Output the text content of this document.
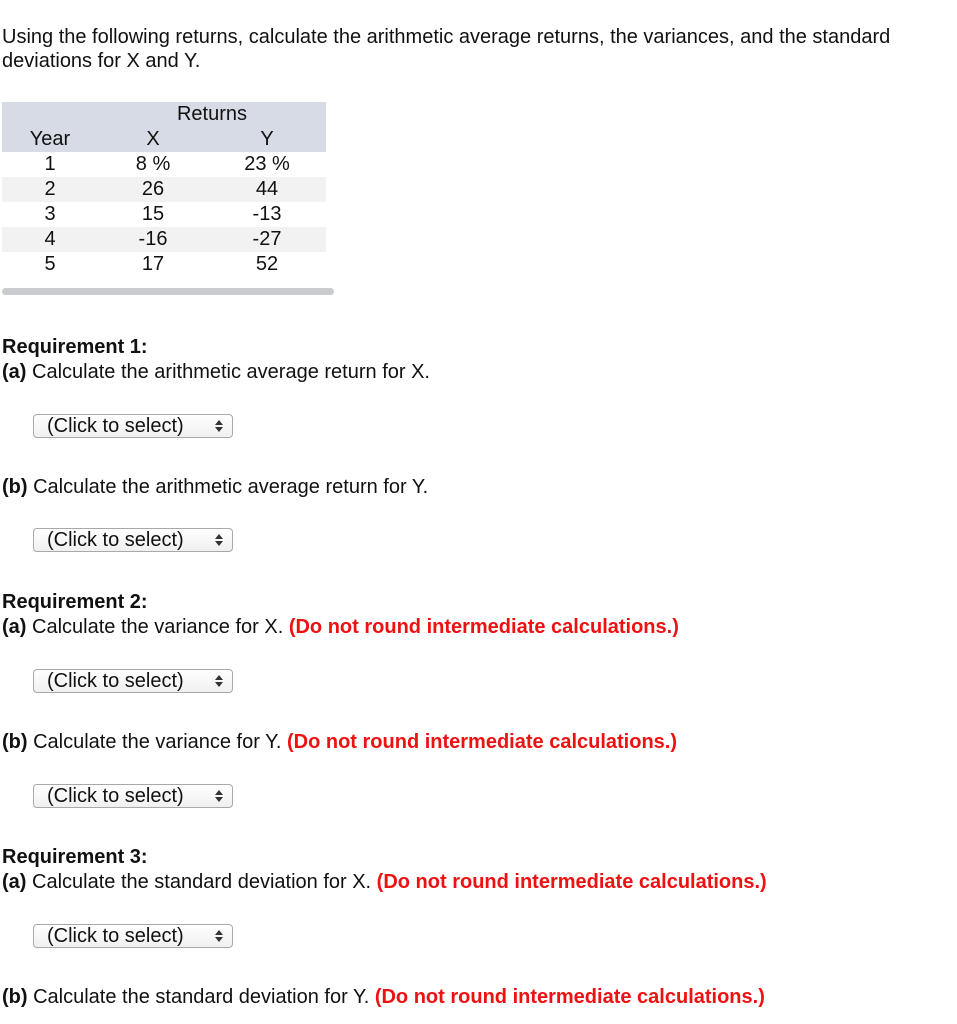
Using the following returns, calculate the arithmetic average returns, the variances, and the standard deviations for X and Y.

	Returns	
Year	X	Y
1	8 %	23 %
2	26	44
3	15	-13
4	-16	-27
5	17	52

Requirement 1:

(a) Calculate the arithmetic average return for X.

(Click to select)

(b) Calculate the arithmetic average return for Y.

(Click to select)

Requirement 2:

(a) Calculate the variance for X. (Do not round intermediate calculations.)

(Click to select)

(b) Calculate the variance for Y. (Do not round intermediate calculations.)

(Click to select)

Requirement 3:

(a) Calculate the standard deviation for X. (Do not round intermediate calculations.)

(Click to select)

(b) Calculate the standard deviation for Y. (Do not round intermediate calculations.)
